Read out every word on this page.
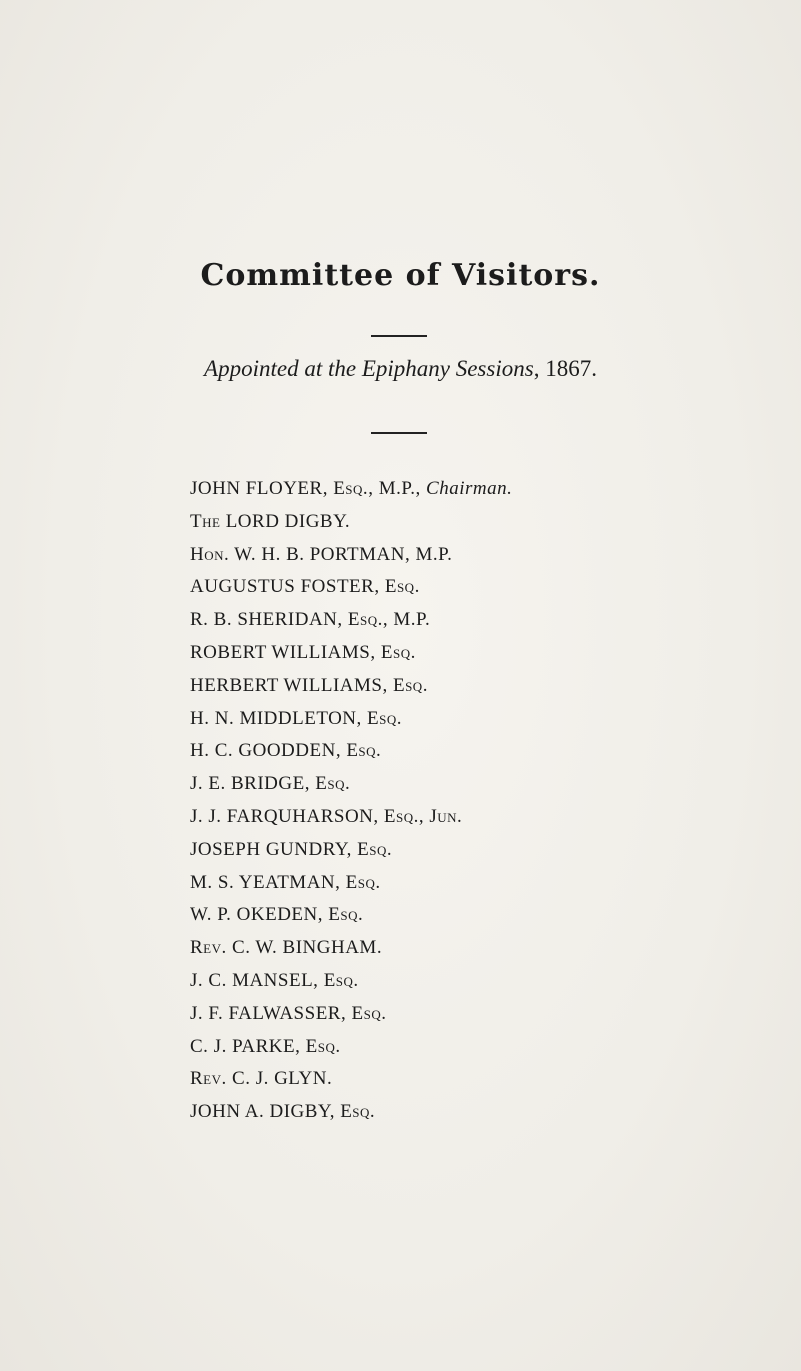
Committee of Visitors.
Appointed at the Epiphany Sessions, 1867.
JOHN FLOYER, Esq., M.P., Chairman.
The LORD DIGBY.
Hon. W. H. B. PORTMAN, M.P.
AUGUSTUS FOSTER, Esq.
R. B. SHERIDAN, Esq., M.P.
ROBERT WILLIAMS, Esq.
HERBERT WILLIAMS, Esq.
H. N. MIDDLETON, Esq.
H. C. GOODDEN, Esq.
J. E. BRIDGE, Esq.
J. J. FARQUHARSON, Esq., Jun.
JOSEPH GUNDRY, Esq.
M. S. YEATMAN, Esq.
W. P. OKEDEN, Esq.
Rev. C. W. BINGHAM.
J. C. MANSEL, Esq.
J. F. FALWASSER, Esq.
C. J. PARKE, Esq.
Rev. C. J. GLYN.
JOHN A. DIGBY, Esq.
